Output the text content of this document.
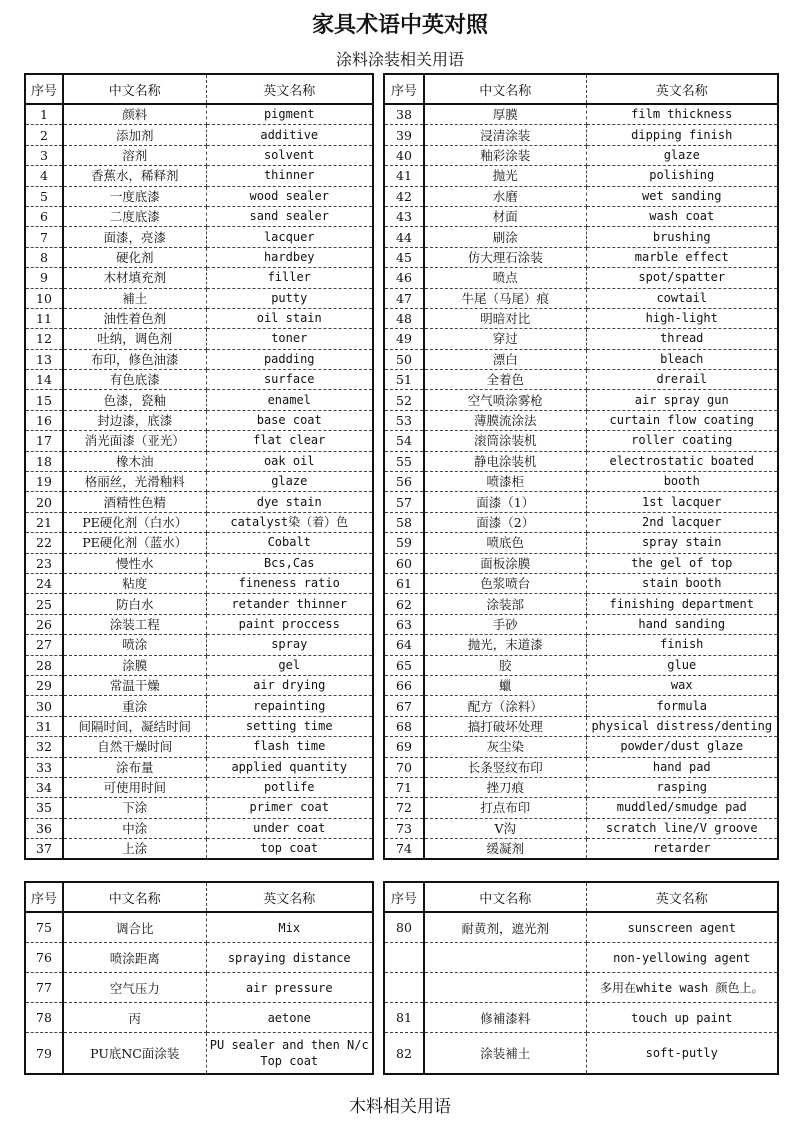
家具术语中英对照
涂料涂装相关用语
序号	中文名称	英文名称
1	颜料	pigment
2	添加剂	additive
3	溶剂	solvent
4	香蕉水，稀释剂	thinner
5	一度底漆	wood sealer
6	二度底漆	sand sealer
7	面漆，亮漆	lacquer
8	硬化剂	hardbey
9	木材填充剂	filler
10	補土	putty
11	油性着色剂	oil stain
12	吐纳，调色剂	toner
13	布印，修色油漆	padding
14	有色底漆	surface
15	色漆，瓷釉	enamel
16	封边漆，底漆	base coat
17	消光面漆（亚光）	flat clear
18	橡木油	oak oil
19	格丽丝，光滑釉料	glaze
20	酒精性色精	dye stain
21	PE硬化剂（白水）	catalyst染（着）色
22	PE硬化剂（蓝水）	Cobalt
23	慢性水	Bcs,Cas
24	粘度	fineness ratio
25	防白水	retander thinner
26	涂装工程	paint proccess
27	喷涂	spray
28	涂膜	gel
29	常温干燥	air drying
30	重涂	repainting
31	间隔时间，凝结时间	setting time
32	自然干燥时间	flash time
33	涂布量	applied quantity
34	可使用时间	potlife
35	下涂	primer coat
36	中涂	under coat
37	上涂	top coat
序号	中文名称	英文名称
38	厚膜	film thickness
39	浸清涂装	dipping finish
40	釉彩涂装	glaze
41	抛光	polishing
42	水磨	wet sanding
43	材面	wash coat
44	刷涂	brushing
45	仿大理石涂装	marble effect
46	喷点	spot/spatter
47	牛尾（马尾）痕	cowtail
48	明暗对比	high-light
49	穿过	thread
50	漂白	bleach
51	全着色	drerail
52	空气喷涂雾枪	air spray gun
53	薄膜流涂法	curtain flow coating
54	滚筒涂装机	roller coating
55	静电涂装机	electrostatic boated
56	喷漆柜	booth
57	面漆（1）	1st lacquer
58	面漆（2）	2nd lacquer
59	喷底色	spray stain
60	面板涂膜	the gel of top
61	色浆喷台	stain booth
62	涂装部	finishing department
63	手砂	hand sanding
64	抛光，末道漆	finish
65	胶	glue
66	蠟	wax
67	配方（涂料）	formula
68	搞打破坏处理	physical distress/denting
69	灰尘染	powder/dust glaze
70	长条竖纹布印	hand pad
71	挫刀痕	rasping
72	打点布印	muddled/smudge pad
73	V沟	scratch line/V groove
74	缓凝剂	retarder
序号	中文名称	英文名称
75	调合比	Mix
76	喷涂距离	spraying distance
77	空气压力	air pressure
78	丙	aetone
79	PU底NC面涂装	PU sealer and then N/c Top coat
序号	中文名称	英文名称
80	耐黄剂，遮光剂	sunscreen agent
		non-yellowing agent
		多用在white wash 颜色上。
81	修補漆料	touch up paint
82	涂装補土	soft-putly
木料相关用语
